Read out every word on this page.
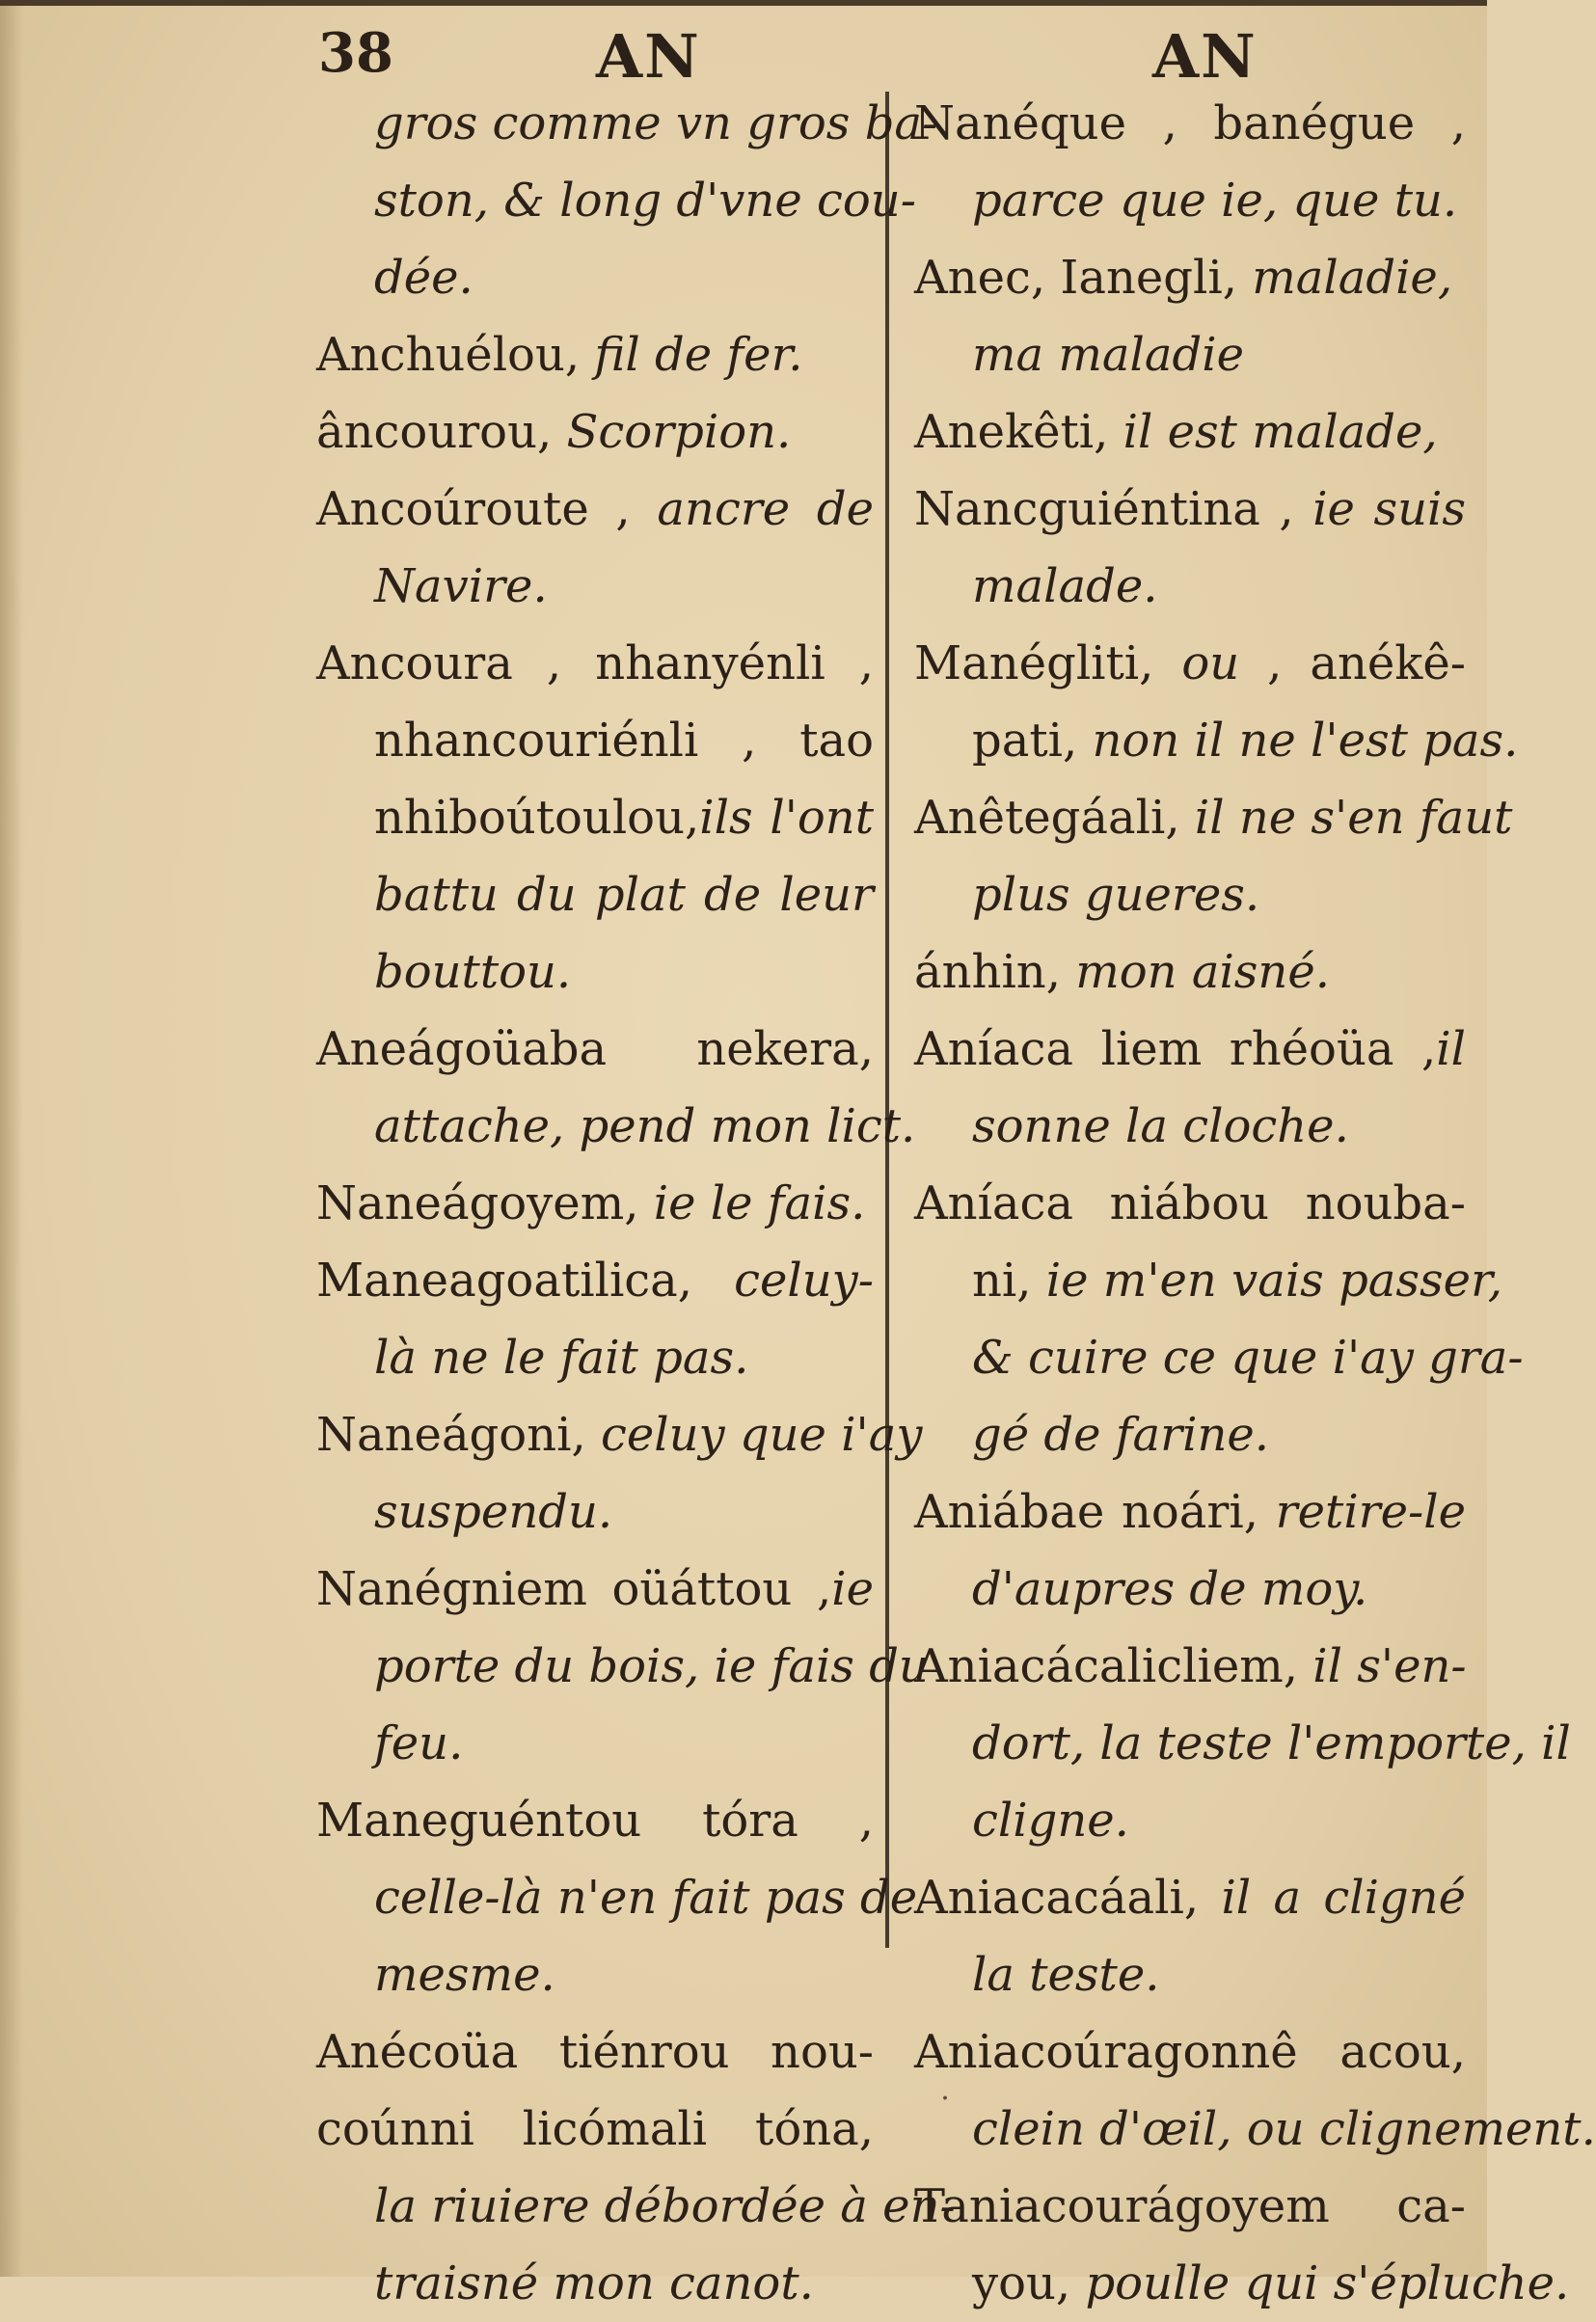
38	AN	AN
gros comme vn gros ba-
ston, & long d'vne cou-
dée.
Anchuélou, fil de fer.
âncourou, Scorpion.
Ancoúroute , ancre de
Navire.
Ancoura , nhanyénli ,
nhancouriénli , tao
nhiboútoulou,ils l'ont
battu du plat de leur
bouttou.
Aneágoüaba nekera,
attache, pend mon lict.
Naneágoyem, ie le fais.
Maneagoatilica, celuy-
là ne le fait pas.
Naneágoni, celuy que i'ay
suspendu.
Nanégniem oüáttou ,ie
porte du bois, ie fais du
feu.
Maneguéntou tóra ,
celle-là n'en fait pas de
mesme.
Anécoüa tiénrou nou-
coúnni licómali tóna,
la riuiere débordée à en-
traisné mon canot.
Nanéque , banégue ,
parce que ie, que tu.
Anec, Ianegli, maladie,
ma maladie
Anekêti, il est malade,
Nancguiéntina , ie suis
malade.
Manégliti, ou , anékê-
pati, non il ne l'est pas.
Anêtegáali, il ne s'en faut
plus gueres.
ánhin, mon aisné.
Aníaca liem rhéoüa ,il
sonne la cloche.
Aníaca niábou nouba-
ni, ie m'en vais passer,
& cuire ce que i'ay gra-
gé de farine.
Aniábae noári, retire-le
d'aupres de moy.
Aniacácalicliem, il s'en-
dort, la teste l'emporte, il
cligne.
Aniacacáali, il a cligné
la teste.
Aniacoúragonnê acou,
clein d'œil, ou clignement.
Taniacourágoyem ca-
you, poulle qui s'épluche.
․
